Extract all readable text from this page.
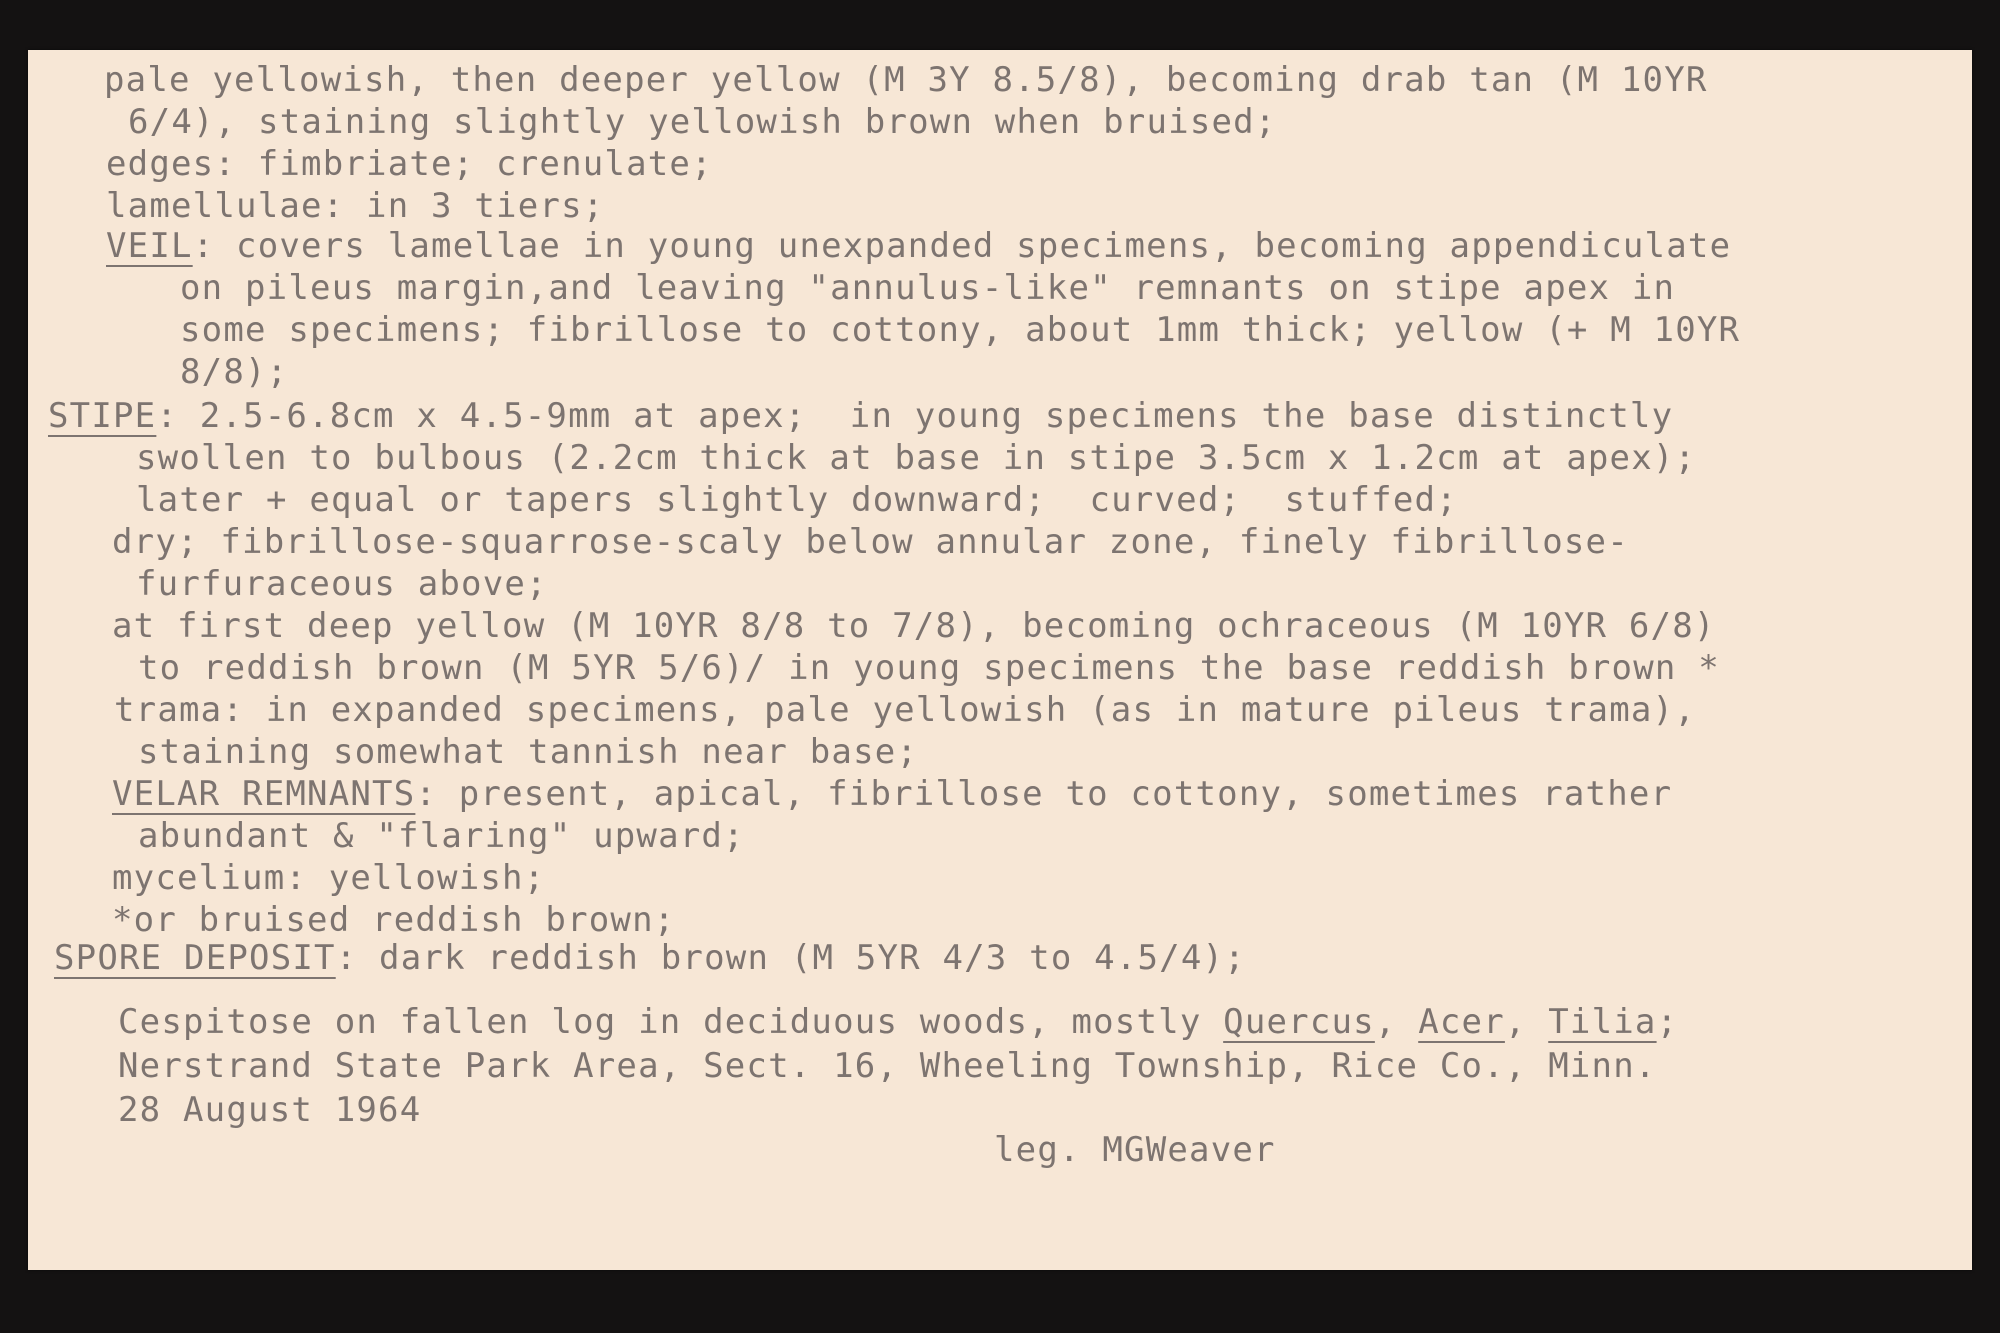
pale yellowish, then deeper yellow (M 3Y 8.5/8), becoming drab tan (M 10YR
6/4), staining slightly yellowish brown when bruised;
edges: fimbriate; crenulate;
lamellulae: in 3 tiers;
VEIL: covers lamellae in young unexpanded specimens, becoming appendiculate
on pileus margin,and leaving "annulus-like" remnants on stipe apex in
some specimens; fibrillose to cottony, about 1mm thick; yellow (+ M 10YR
8/8);
STIPE: 2.5-6.8cm x 4.5-9mm at apex;  in young specimens the base distinctly
swollen to bulbous (2.2cm thick at base in stipe 3.5cm x 1.2cm at apex);
later + equal or tapers slightly downward;  curved;  stuffed;
dry; fibrillose-squarrose-scaly below annular zone, finely fibrillose-
furfuraceous above;
at first deep yellow (M 10YR 8/8 to 7/8), becoming ochraceous (M 10YR 6/8)
to reddish brown (M 5YR 5/6)/ in young specimens the base reddish brown *
trama: in expanded specimens, pale yellowish (as in mature pileus trama),
staining somewhat tannish near base;
VELAR REMNANTS: present, apical, fibrillose to cottony, sometimes rather
abundant & "flaring" upward;
mycelium: yellowish;
*or bruised reddish brown;
SPORE DEPOSIT: dark reddish brown (M 5YR 4/3 to 4.5/4);
Cespitose on fallen log in deciduous woods, mostly Quercus, Acer, Tilia;
Nerstrand State Park Area, Sect. 16, Wheeling Township, Rice Co., Minn.
28 August 1964
leg. MGWeaver
